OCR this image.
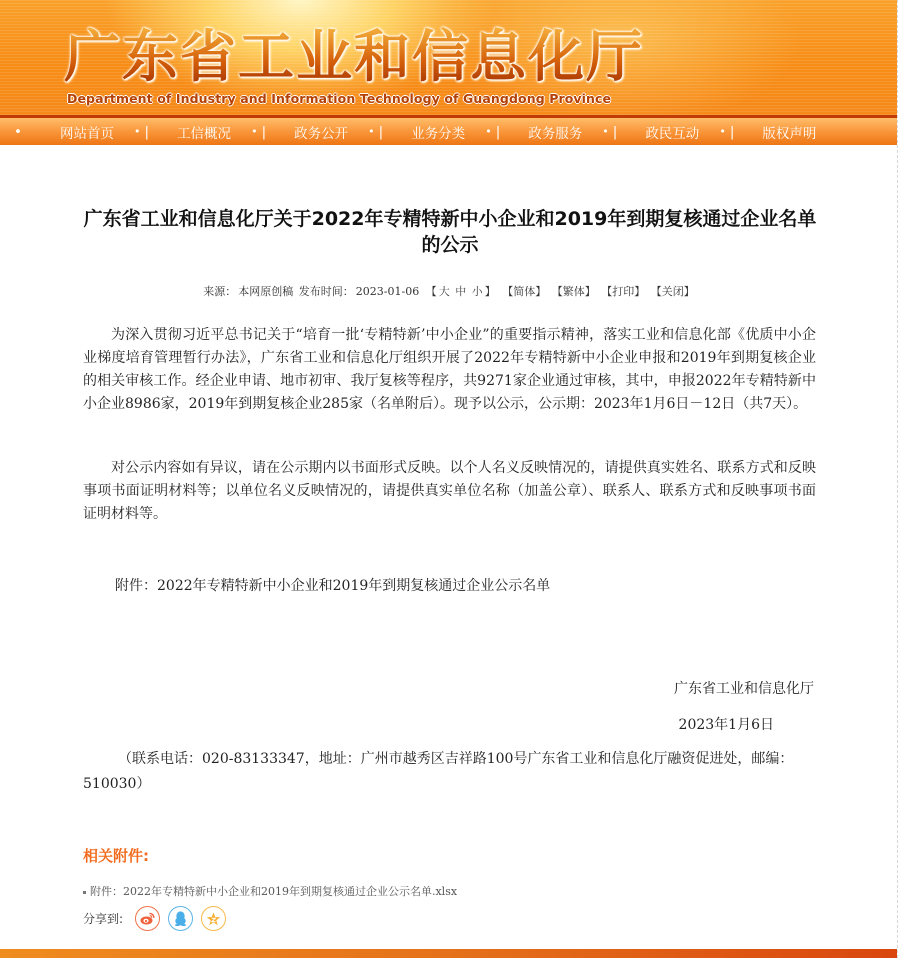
广东省工业和信息化厅
Department of Industry and Information Technology of Guangdong Province
•	网站首页 • | 工信概况 • | 政务公开 • | 业务分类 • | 政务服务 • | 政民互动 • | 版权声明
广东省工业和信息化厅关于2022年专精特新中小企业和2019年到期复核通过企业名单的公示
来源： 本网原创稿 发布时间： 2023-01-06 【 大 中 小 】 【简体】 【繁体】 【打印】 【关闭】

为深入贯彻习近平总书记关于“培育一批‘专精特新’中小企业”的重要指示精神，落实工业和信息化部《优质中小企业梯度培育管理暂行办法》，广东省工业和信息化厅组织开展了2022年专精特新中小企业申报和2019年到期复核企业的相关审核工作。经企业申请、地市初审、我厅复核等程序，共9271家企业通过审核，其中，申报2022年专精特新中小企业8986家，2019年到期复核企业285家（名单附后）。现予以公示，公示期：2023年1月6日－12日（共7天）。

对公示内容如有异议，请在公示期内以书面形式反映。以个人名义反映情况的，请提供真实姓名、联系方式和反映事项书面证明材料等；以单位名义反映情况的，请提供真实单位名称（加盖公章）、联系人、联系方式和反映事项书面证明材料等。

附件：2022年专精特新中小企业和2019年到期复核通过企业公示名单
广东省工业和信息化厅
2023年1月6日

（联系电话：020-83133347，地址：广州市越秀区吉祥路100号广东省工业和信息化厅融资促进处，邮编：510030）

相关附件:
附件：2022年专精特新中小企业和2019年到期复核通过企业公示名单.xlsx
分享到:
